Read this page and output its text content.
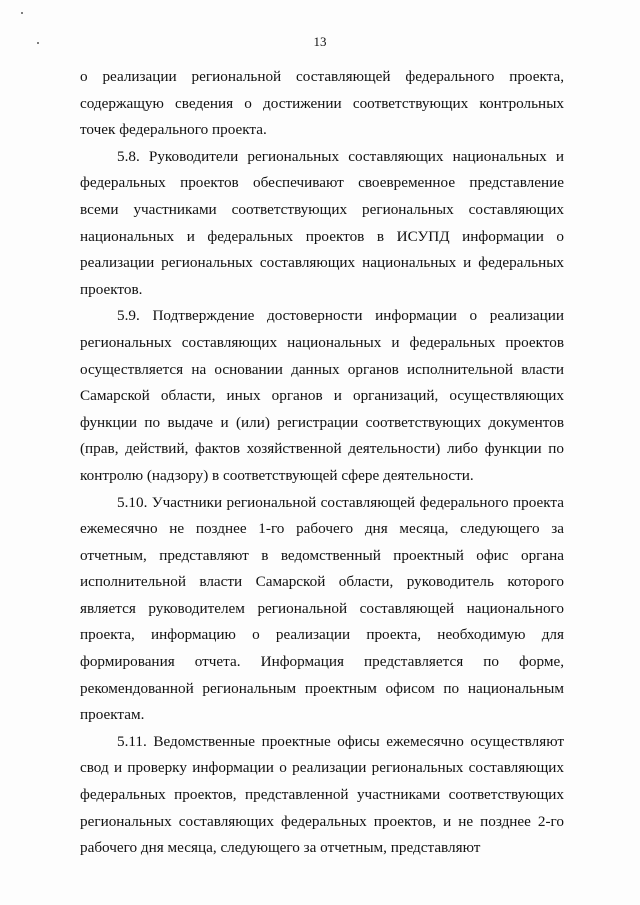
13

о реализации региональной составляющей федерального проекта, содержащую сведения о достижении соответствующих контрольных точек федерального проекта.

5.8. Руководители региональных составляющих национальных и федеральных проектов обеспечивают своевременное представление всеми участниками соответствующих региональных составляющих национальных и федеральных проектов в ИСУПД информации о реализации региональных составляющих национальных и федеральных проектов.

5.9. Подтверждение достоверности информации о реализации региональных составляющих национальных и федеральных проектов осуществляется на основании данных органов исполнительной власти Самарской области, иных органов и организаций, осуществляющих функции по выдаче и (или) регистрации соответствующих документов (прав, действий, фактов хозяйственной деятельности) либо функции по контролю (надзору) в соответствующей сфере деятельности.

5.10. Участники региональной составляющей федерального проекта ежемесячно не позднее 1-го рабочего дня месяца, следующего за отчетным, представляют в ведомственный проектный офис органа исполнительной власти Самарской области, руководитель которого является руководителем региональной составляющей национального проекта, информацию о реализации проекта, необходимую для формирования отчета. Информация представляется по форме, рекомендованной региональным проектным офисом по национальным проектам.

5.11. Ведомственные проектные офисы ежемесячно осуществляют свод и проверку информации о реализации региональных составляющих федеральных проектов, представленной участниками соответствующих региональных составляющих федеральных проектов, и не позднее 2-го рабочего дня месяца, следующего за отчетным, представляют
